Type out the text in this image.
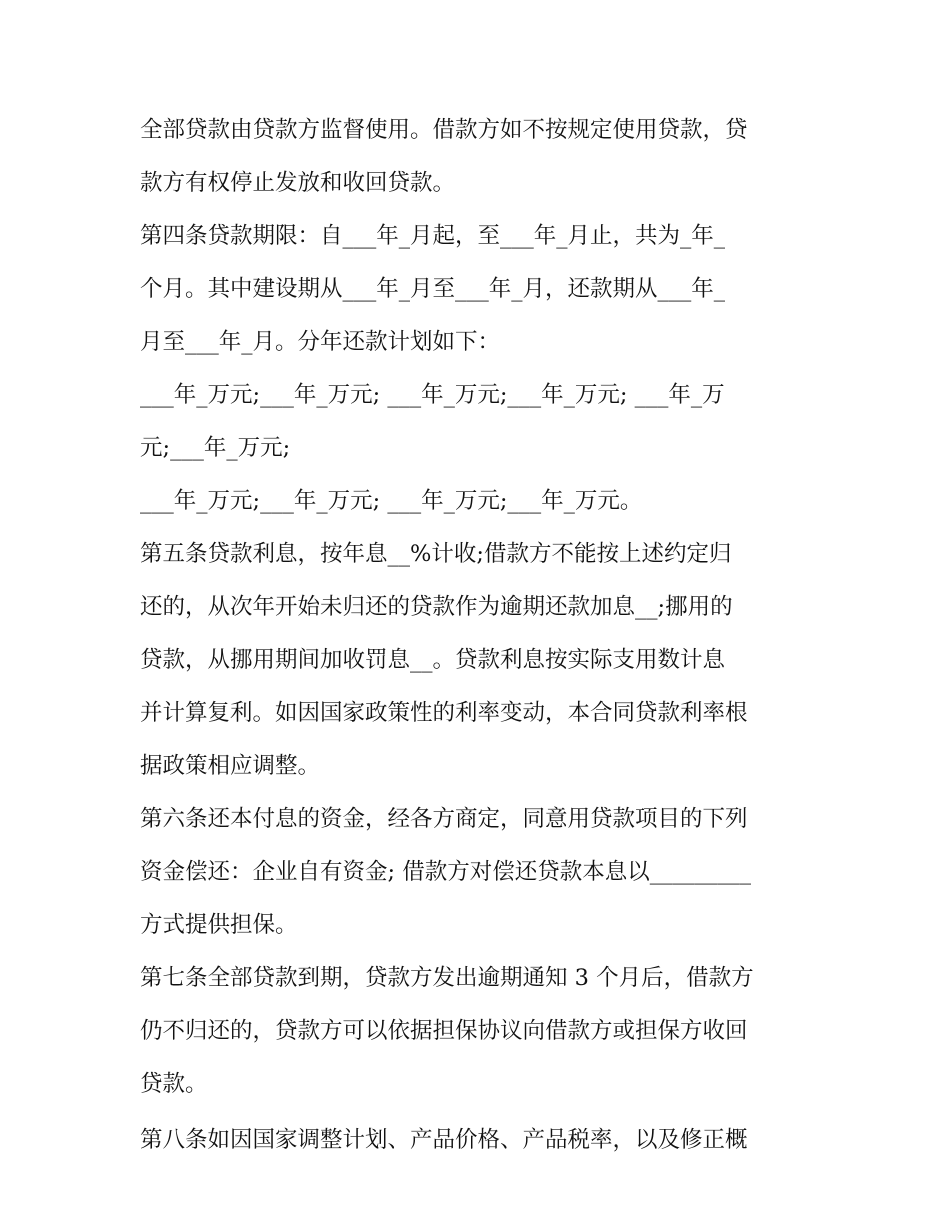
全部贷款由贷款方监督使用。借款方如不按规定使用贷款，贷
款方有权停止发放和收回贷款。
第四条贷款期限：自___年_月起，至___年_月止，共为_年_
个月。其中建设期从___年_月至___年_月，还款期从___年_
月至___年_月。分年还款计划如下：
___年_万元;___年_万元; ___年_万元;___年_万元; ___年_万
元;___年_万元;
___年_万元;___年_万元; ___年_万元;___年_万元。
第五条贷款利息，按年息__%计收;借款方不能按上述约定归
还的，从次年开始未归还的贷款作为逾期还款加息__;挪用的
贷款，从挪用期间加收罚息__。贷款利息按实际支用数计息
并计算复利。如因国家政策性的利率变动，本合同贷款利率根
据政策相应调整。
第六条还本付息的资金，经各方商定，同意用贷款项目的下列
资金偿还：企业自有资金; 借款方对偿还贷款本息以_________
方式提供担保。
第七条全部贷款到期，贷款方发出逾期通知 3 个月后，借款方
仍不归还的，贷款方可以依据担保协议向借款方或担保方收回
贷款。
第八条如因国家调整计划、产品价格、产品税率，以及修正概
